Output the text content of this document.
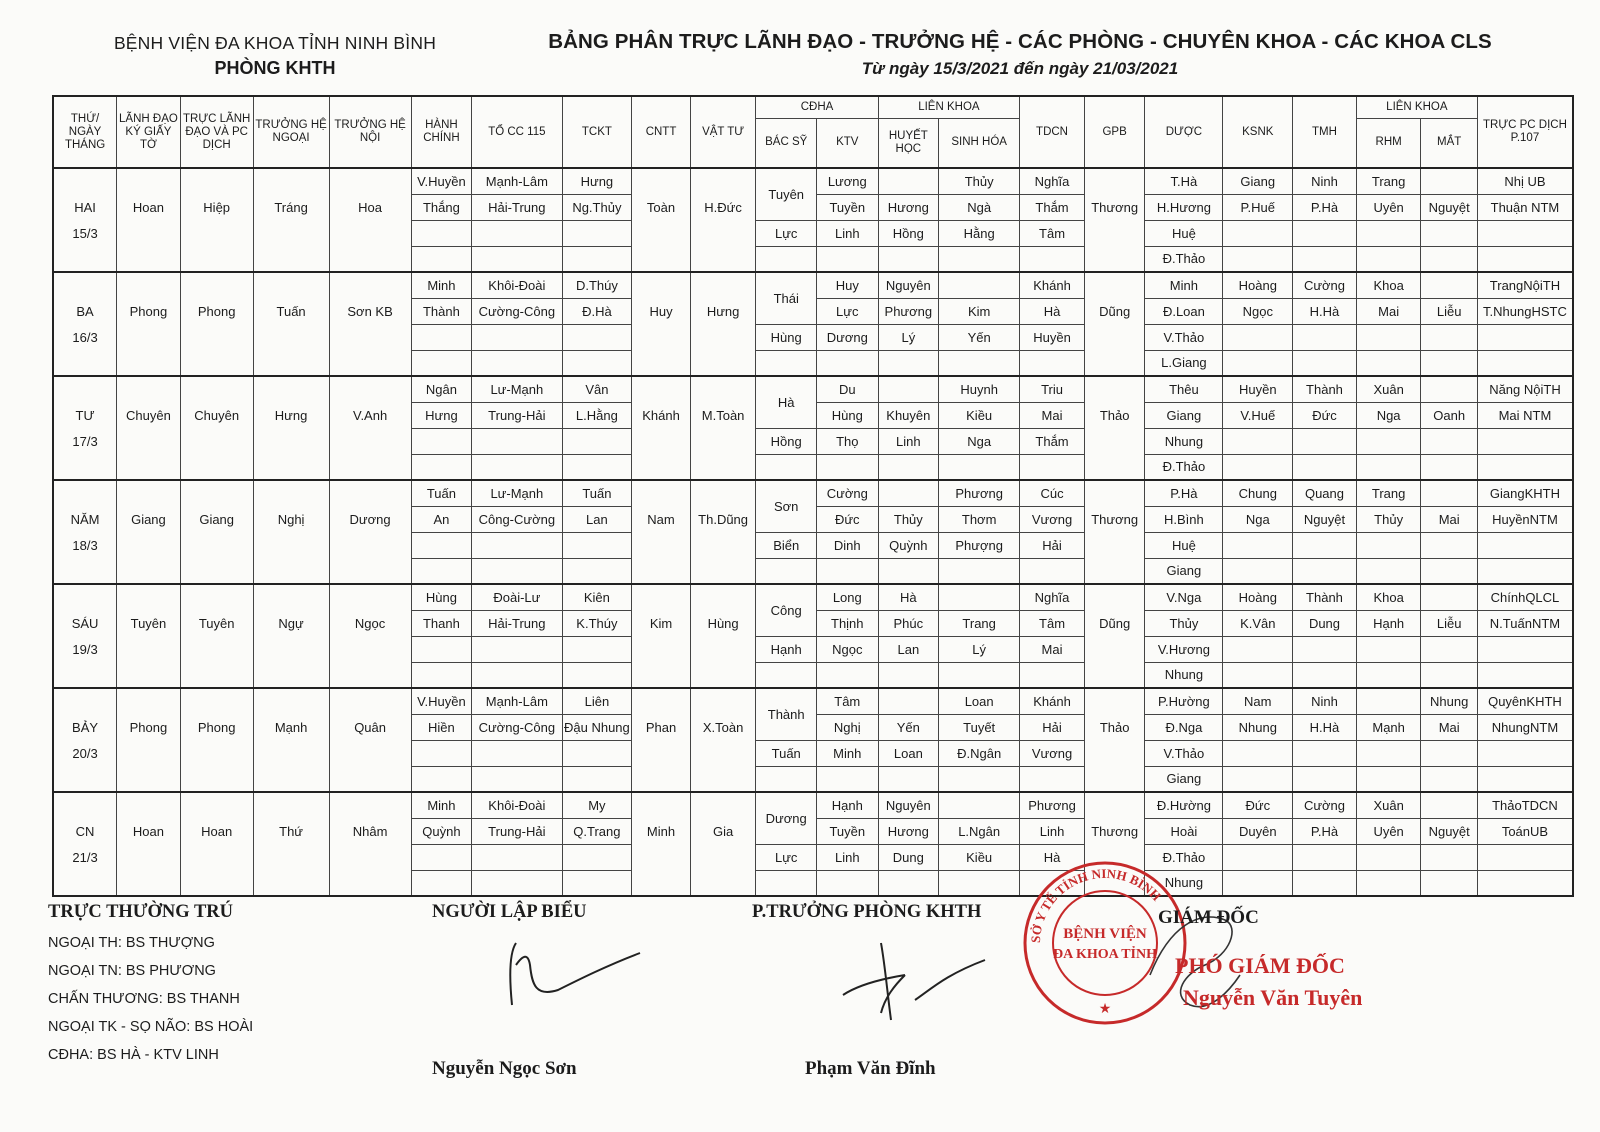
BỆNH VIỆN ĐA KHOA TỈNH NINH BÌNH
PHÒNG KHTH
BẢNG PHÂN TRỰC LÃNH ĐẠO - TRƯỞNG HỆ - CÁC PHÒNG - CHUYÊN KHOA - CÁC KHOA CLS
Từ ngày 15/3/2021 đến ngày 21/03/2021
THỨ/ NGÀY THÁNG	LÃNH ĐẠO KÝ GIẤY TỜ	TRỰC LÃNH ĐẠO VÀ PC DỊCH	TRƯỞNG HỆ NGOẠI	TRƯỞNG HỆ NỘI	HÀNH CHÍNH	TỔ CC 115	TCKT	CNTT	VẬT TƯ	CĐHA		LIÊN KHOA		TDCN	GPB	DƯỢC	KSNK	TMH	LIÊN KHOA		TRỰC PC DỊCH P.107
										BÁC SỸ	KTV	HUYẾT HỌC	SINH HÓA						RHM	MẮT	
					V.Huyền	Mạnh-Lâm	Hưng			Tuyên	Lương		Thủy	Nghĩa		T.Hà	Giang	Ninh	Trang		Nhị UB
HAI	Hoan	Hiệp	Tráng	Hoa	Thắng	Hải-Trung	Ng.Thủy	Toàn	H.Đức		Tuyền	Hương	Ngà	Thắm	Thương	H.Hương	P.Huế	P.Hà	Uyên	Nguyệt	Thuận NTM
15/3										Lực	Linh	Hồng	Hằng	Tâm		Huệ					
																Đ.Thảo					
					Minh	Khôi-Đoài	D.Thúy			Thái	Huy	Nguyên		Khánh		Minh	Hoàng	Cường	Khoa		TrangNộiTH
BA	Phong	Phong	Tuấn	Sơn KB	Thành	Cường-Công	Đ.Hà	Huy	Hưng		Lực	Phương	Kim	Hà	Dũng	Đ.Loan	Ngọc	H.Hà	Mai	Liễu	T.NhungHSTC
16/3										Hùng	Dương	Lý	Yến	Huyền		V.Thảo					
																L.Giang					
					Ngân	Lư-Mạnh	Vân			Hà	Du		Huynh	Triu		Thêu	Huyền	Thành	Xuân		Năng NộiTH
TƯ	Chuyên	Chuyên	Hưng	V.Anh	Hưng	Trung-Hải	L.Hằng	Khánh	M.Toàn		Hùng	Khuyên	Kiều	Mai	Thảo	Giang	V.Huế	Đức	Nga	Oanh	Mai NTM
17/3										Hồng	Thọ	Linh	Nga	Thắm		Nhung					
																Đ.Thảo					
					Tuấn	Lư-Mạnh	Tuấn			Sơn	Cường		Phương	Cúc		P.Hà	Chung	Quang	Trang		GiangKHTH
NĂM	Giang	Giang	Nghị	Dương	An	Công-Cường	Lan	Nam	Th.Dũng		Đức	Thủy	Thơm	Vương	Thương	H.Bình	Nga	Nguyệt	Thủy	Mai	HuyềnNTM
18/3										Biển	Dinh	Quỳnh	Phượng	Hải		Huệ					
																Giang					
					Hùng	Đoài-Lư	Kiên			Công	Long	Hà		Nghĩa		V.Nga	Hoàng	Thành	Khoa		ChínhQLCL
SÁU	Tuyên	Tuyên	Ngự	Ngọc	Thanh	Hải-Trung	K.Thúy	Kim	Hùng		Thịnh	Phúc	Trang	Tâm	Dũng	Thủy	K.Vân	Dung	Hạnh	Liễu	N.TuấnNTM
19/3										Hạnh	Ngọc	Lan	Lý	Mai		V.Hương					
																Nhung					
					V.Huyền	Mạnh-Lâm	Liên			Thành	Tâm		Loan	Khánh		P.Hường	Nam	Ninh		Nhung	QuyênKHTH
BẢY	Phong	Phong	Mạnh	Quân	Hiền	Cường-Công	Đậu Nhung	Phan	X.Toàn		Nghị	Yến	Tuyết	Hải	Thảo	Đ.Nga	Nhung	H.Hà	Mạnh	Mai	NhungNTM
20/3										Tuấn	Minh	Loan	Đ.Ngân	Vương		V.Thảo					
																Giang					
					Minh	Khôi-Đoài	My			Dương	Hạnh	Nguyên		Phương		Đ.Hường	Đức	Cường	Xuân		ThảoTDCN
CN	Hoan	Hoan	Thứ	Nhâm	Quỳnh	Trung-Hải	Q.Trang	Minh	Gia		Tuyền	Hương	L.Ngân	Linh	Thương	Hoài	Duyên	P.Hà	Uyên	Nguyệt	ToánUB
21/3										Lực	Linh	Dung	Kiều	Hà		Đ.Thảo					
																Nhung					
TRỰC THƯỜNG TRÚ
NGOẠI TH: BS THƯỢNG
NGOẠI TN: BS PHƯƠNG
CHẤN THƯƠNG: BS THANH
NGOẠI TK - SỌ NÃO: BS HOÀI
CĐHA: BS HÀ - KTV LINH
NGƯỜI LẬP BIỂU
Nguyễn Ngọc Sơn
P.TRƯỞNG PHÒNG KHTH
Phạm Văn Đĩnh
SỞ Y TẾ TỈNH NINH BÌNH
BỆNH VIỆN
ĐA KHOA TỈNH
★
GIÁM ĐỐC
PHÓ GIÁM ĐỐC
Nguyễn Văn Tuyên
